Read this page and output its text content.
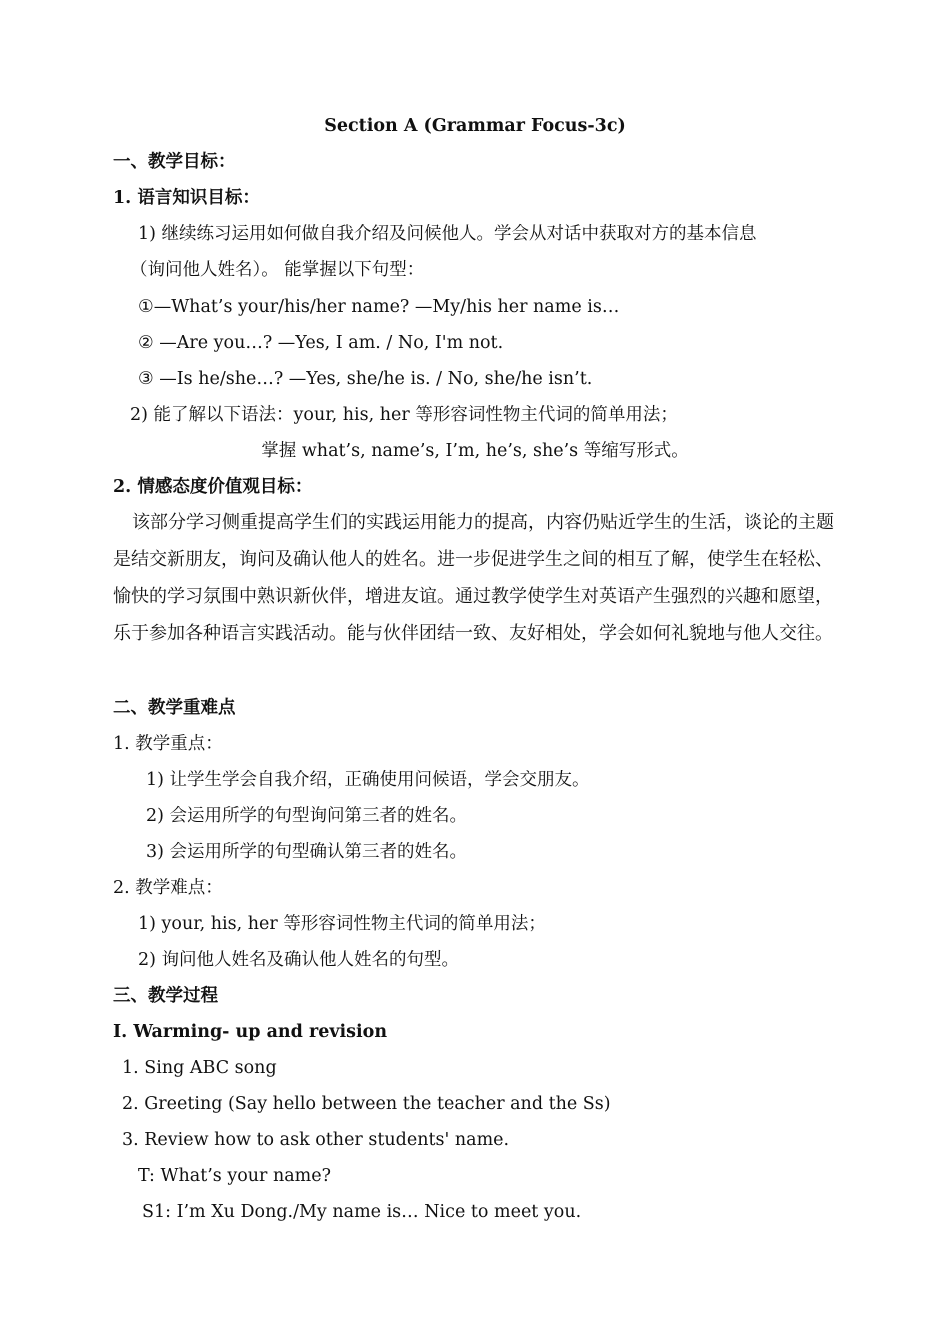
Section A (Grammar Focus-3c)
一、教学目标：
1. 语言知识目标：
1) 继续练习运用如何做自我介绍及问候他人。学会从对话中获取对方的基本信息
（询问他人姓名）。 能掌握以下句型：
①—What’s your/his/her name? —My/his her name is…
② —Are you…? —Yes, I am. / No, I'm not.
③ —Is he/she…? —Yes, she/he is. / No, she/he isn’t.
2) 能了解以下语法：your, his, her 等形容词性物主代词的简单用法；
掌握 what’s, name’s, I’m, he’s, she’s 等缩写形式。
2. 情感态度价值观目标：
该部分学习侧重提高学生们的实践运用能力的提高，内容仍贴近学生的生活，谈论的主题是结交新朋友，询问及确认他人的姓名。进一步促进学生之间的相互了解，使学生在轻松、愉快的学习氛围中熟识新伙伴，增进友谊。通过教学使学生对英语产生强烈的兴趣和愿望，乐于参加各种语言实践活动。能与伙伴团结一致、友好相处，学会如何礼貌地与他人交往。
二、教学重难点
1. 教学重点：
1) 让学生学会自我介绍，正确使用问候语，学会交朋友。
2) 会运用所学的句型询问第三者的姓名。
3) 会运用所学的句型确认第三者的姓名。
2. 教学难点：
1) your, his, her 等形容词性物主代词的简单用法；
2) 询问他人姓名及确认他人姓名的句型。
三、教学过程
I. Warming- up and revision
1. Sing ABC song
2. Greeting (Say hello between the teacher and the Ss)
3. Review how to ask other students' name.
T: What’s your name?
S1: I’m Xu Dong./My name is… Nice to meet you.
